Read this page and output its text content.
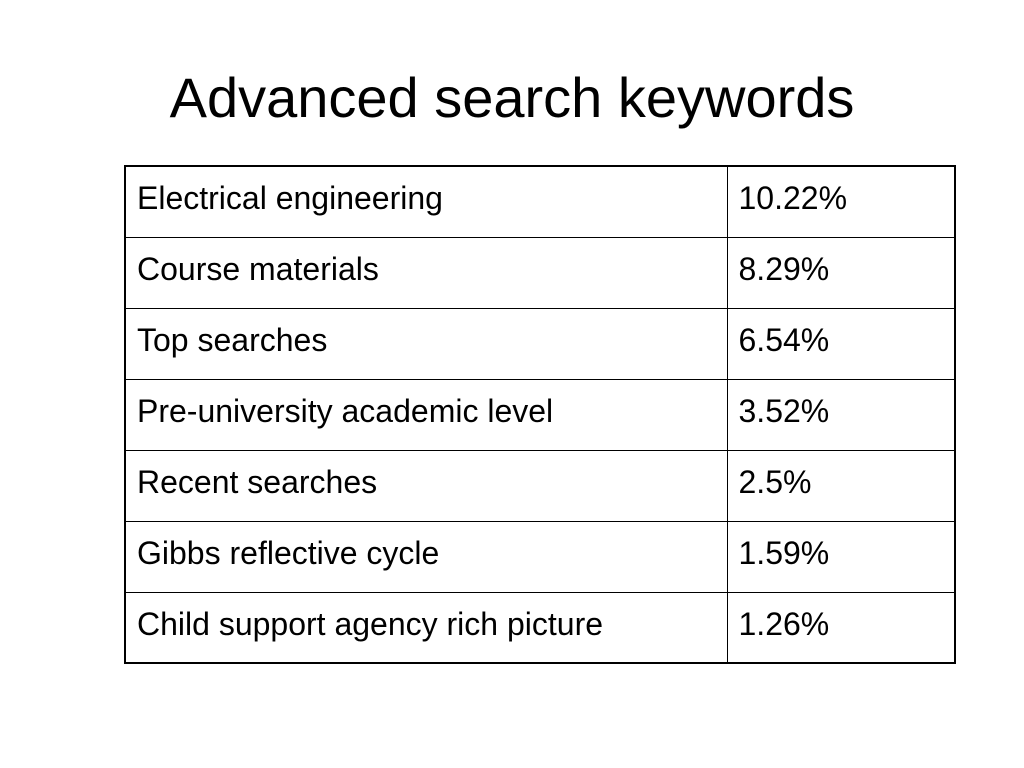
Advanced search keywords
Electrical engineering	10.22%

Course materials	8.29%

Top searches	6.54%

Pre-university academic level	3.52%

Recent searches	2.5%

Gibbs reflective cycle	1.59%

Child support agency rich picture	1.26%
